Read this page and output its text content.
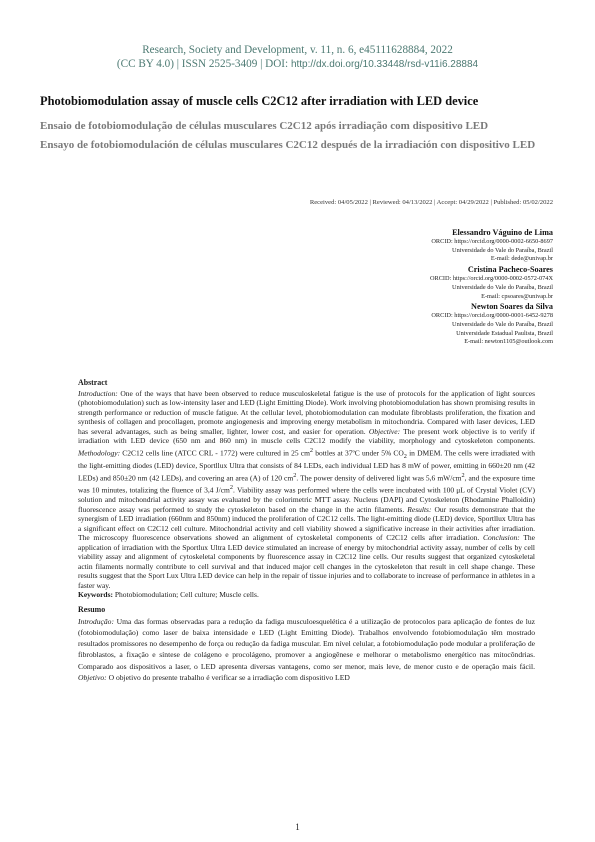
Research, Society and Development, v. 11, n. 6, e45111628884, 2022
(CC BY 4.0) | ISSN 2525-3409 | DOI: http://dx.doi.org/10.33448/rsd-v11i6.28884
Photobiomodulation assay of muscle cells C2C12 after irradiation with LED device
Ensaio de fotobiomodulação de células musculares C2C12 após irradiação com dispositivo LED
Ensayo de fotobiomodulación de células musculares C2C12 después de la irradiación con dispositivo LED
Received: 04/05/2022 | Reviewed: 04/13/2022 | Accept: 04/29/2022 | Published: 05/02/2022
Elessandro Váguino de Lima
ORCID: https://orcid.org/0000-0002-6650-8697
Universidade do Vale do Paraíba, Brazil
E-mail: dede@univap.br
Cristina Pacheco-Soares
ORCID: https://orcid.org/0000-0002-0572-074X
Universidade do Vale do Paraíba, Brazil
E-mail: cpsoares@univap.br
Newton Soares da Silva
ORCID: https://orcid.org/0000-0001-6452-9278
Universidade do Vale do Paraíba, Brazil
Universidade Estadual Paulista, Brazil
E-mail: newton1105@outlook.com
Abstract
Introduction: One of the ways that have been observed to reduce musculoskeletal fatigue is the use of protocols for the application of light sources (photobiomodulation) such as low-intensity laser and LED (Light Emitting Diode). Work involving photobiomodulation has shown promising results in strength performance or reduction of muscle fatigue. At the cellular level, photobiomodulation can modulate fibroblasts proliferation, the fixation and synthesis of collagen and procollagen, promote angiogenesis and improving energy metabolism in mitochondria. Compared with laser devices, LED has several advantages, such as being smaller, lighter, lower cost, and easier for operation. Objective: The present work objective is to verify if irradiation with LED device (650 nm and 860 nm) in muscle cells C2C12 modify the viability, morphology and cytoskeleton components. Methodology: C2C12 cells line (ATCC CRL - 1772) were cultured in 25 $cm^2$ bottles at 37ºC under 5% $CO_2$ in DMEM. The cells were irradiated with the light-emitting diodes (LED) device, Sportllux Ultra that consists of 84 LEDs, each individual LED has 8 mW of power, emitting in 660±20 nm (42 LEDs) and 850±20 nm (42 LEDs), and covering an area (A) of 120 $cm^2$. The power density of delivered light was 5,6 $mW/cm^2$, and the exposure time was 10 minutes, totalizing the fluence of 3,4 $J/cm^2$. Viability assay was performed where the cells were incubated with 100 μL of Crystal Violet (CV) solution and mitochondrial activity assay was evaluated by the colorimetric MTT assay. Nucleus (DAPI) and Cytoskeleton (Rhodamine Phalloidin) fluorescence assay was performed to study the cytoskeleton based on the change in the actin filaments. Results: Our results demonstrate that the synergism of LED irradiation (660nm and 850nm) induced the proliferation of C2C12 cells. The light-emitting diode (LED) device, Sportllux Ultra has a significant effect on C2C12 cell culture. Mitochondrial activity and cell viability showed a significative increase in their activities after irradiation. The microscopy fluorescence observations showed an alignment of cytoskeletal components of C2C12 cells after irradiation. Conclusion: The application of irradiation with the Sportlux Ultra LED device stimulated an increase of energy by mitochondrial activity assay, number of cells by cell viability assay and alignment of cytoskeletal components by fluorescence assay in C2C12 line cells. Our results suggest that organized cytoskeletal actin filaments normally contribute to cell survival and that induced major cell changes in the cytoskeleton that result in cell shape change. These results suggest that the Sport Lux Ultra LED device can help in the repair of tissue injuries and to collaborate to increase of performance in athletes in a faster way.
Keywords: Photobiomodulation; Cell culture; Muscle cells.
Resumo
Introdução: Uma das formas observadas para a redução da fadiga musculoesquelética é a utilização de protocolos para aplicação de fontes de luz (fotobiomodulação) como laser de baixa intensidade e LED (Light Emitting Diode). Trabalhos envolvendo fotobiomodulação têm mostrado resultados promissores no desempenho de força ou redução da fadiga muscular. Em nível celular, a fotobiomodulação pode modular a proliferação de fibroblastos, a fixação e síntese de colágeno e procolágeno, promover a angiogênese e melhorar o metabolismo energético nas mitocôndrias. Comparado aos dispositivos a laser, o LED apresenta diversas vantagens, como ser menor, mais leve, de menor custo e de operação mais fácil. Objetivo: O objetivo do presente trabalho é verificar se a irradiação com dispositivo LED
1
